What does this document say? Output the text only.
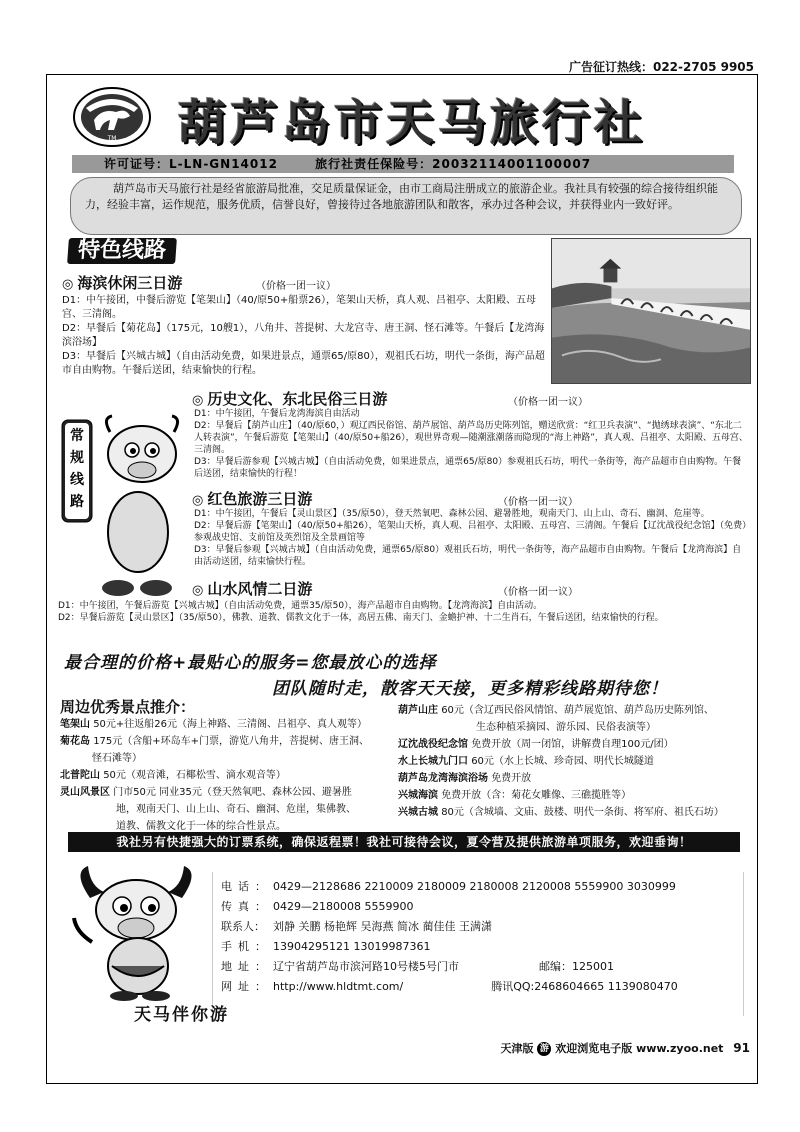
广告征订热线：022-2705 9905
TM 葫芦岛市天马旅行社
许可证号：L-LN-GN14012	旅行社责任保险号：20032114001100007
葫芦岛市天马旅行社是经省旅游局批准，交足质量保证金，由市工商局注册成立的旅游企业。我社具有较强的综合接待组织能力，经验丰富，运作规范，服务优质，信誉良好，曾接待过各地旅游团队和散客，承办过各种会议，并获得业内一致好评。
特色线路
常
规
线
路
◎ 海滨休闲三日游	（价格一团一议）
D1：中午接团，中餐后游览【笔架山】（40/原50+船票26），笔架山天桥，真人观、吕祖亭、太阳殿、五母宫、三清阁。
D2：早餐后【菊花岛】（175元，10艘1），八角井、菩提树、大龙宫寺、唐王洞、怪石滩等。午餐后【龙湾海滨浴场】
D3：早餐后【兴城古城】（自由活动免费，如果进景点，通票65/原80），观祖氏石坊，明代一条街，海产品超市自由购物。午餐后送团，结束愉快的行程。
◎ 历史文化、东北民俗三日游	（价格一团一议）
D1：中午接团，午餐后龙湾海滨自由活动
D2：早餐后【葫芦山庄】（40/原60，）观辽西民俗馆、葫芦展馆、葫芦岛历史陈列馆，赠送欣赏：“红卫兵表演”、“抛绣球表演”、“东北二人转表演”，午餐后游览【笔架山】（40/原50+船26），观世界奇观—随潮涨潮落而隐现的“海上神路”，真人观、吕祖亭、太阳殿、五母宫、三清阁。
D3：早餐后游参观【兴城古城】（自由活动免费，如果进景点，通票65/原80）参观祖氏石坊，明代一条街等，海产品超市自由购物。午餐后送团，结束愉快的行程！
◎ 红色旅游三日游	（价格一团一议）
D1：中午接团，午餐后【灵山景区】（35/原50），登天然氧吧、森林公园、避暑胜地，观南天门、山上山、奇石、幽洞、危崖等。
D2：早餐后游【笔架山】（40/原50+船26），笔架山天桥，真人观、吕祖亭、太阳殿、五母宫、三清阁。午餐后【辽沈战役纪念馆】（免费）参观战史馆、支前馆及英烈馆及全景画馆等
D3：早餐后参观【兴城古城】（自由活动免费，通票65/原80）观祖氏石坊，明代一条街等，海产品超市自由购物。午餐后【龙湾海滨】自由活动送团，结束愉快行程。
◎ 山水风情二日游	（价格一团一议）
D1：中午接团，午餐后游览【兴城古城】（自由活动免费，通票35/原50），海产品超市自由购物。【龙湾海滨】自由活动。
D2：早餐后游览【灵山景区】（35/原50），佛教、道教、儒教文化于一体，高居五佛、南天门、金蟾护神、十二生肖石，午餐后送团，结束愉快的行程。
最合理的价格+最贴心的服务=您最放心的选择
团队随时走，散客天天接，更多精彩线路期待您！
周边优秀景点推介：
笔架山 50元+往返船26元（海上神路、三清阁、吕祖亭、真人观等）
菊花岛 175元（含船+环岛车+门票，游览八角井，菩提树、唐王洞、
怪石滩等）
北普陀山 50元（观音滩，石椰松雪、滴水观音等）
灵山风景区 门市50元 同业35元（登天然氧吧、森林公园、避暑胜
地，观南天门、山上山、奇石、幽洞、危崖，集佛教、
道教、儒教文化于一体的综合性景点。
葫芦山庄 60元（含辽西民俗风情馆、葫芦展览馆、葫芦岛历史陈列馆、
生态种植采摘园、游乐园、民俗表演等）
辽沈战役纪念馆 免费开放（周一闭馆，讲解费自理100元/团）
水上长城九门口 60元（水上长城、珍奇园、明代长城隧道
葫芦岛龙湾海滨浴场 免费开放
兴城海滨 免费开放（含：菊花女雕像、三礁揽胜等）
兴城古城 80元（含城墙、文庙、鼓楼、明代一条街、将军府、祖氏石坊）
我社另有快捷强大的订票系统，确保返程票！我社可接待会议，夏令营及提供旅游单项服务，欢迎垂询！
电话：0429—2128686 2210009 2180009 2180008 2120008 5559900 3030999
传真：0429—2180008 5559900
联系人： 刘静 关鹏 杨艳辉 吴海燕 简冰 蔺佳佳 王满潇
手机：13904295121 13019987361
地址：辽宁省葫芦岛市滨河路10号楼5号门市	邮编：125001
网址：http://www.hldtmt.com/	腾讯QQ:2468604665 1139080470
天马伴你游
天津版 游 欢迎浏览电子版 www.zyoo.net 91
